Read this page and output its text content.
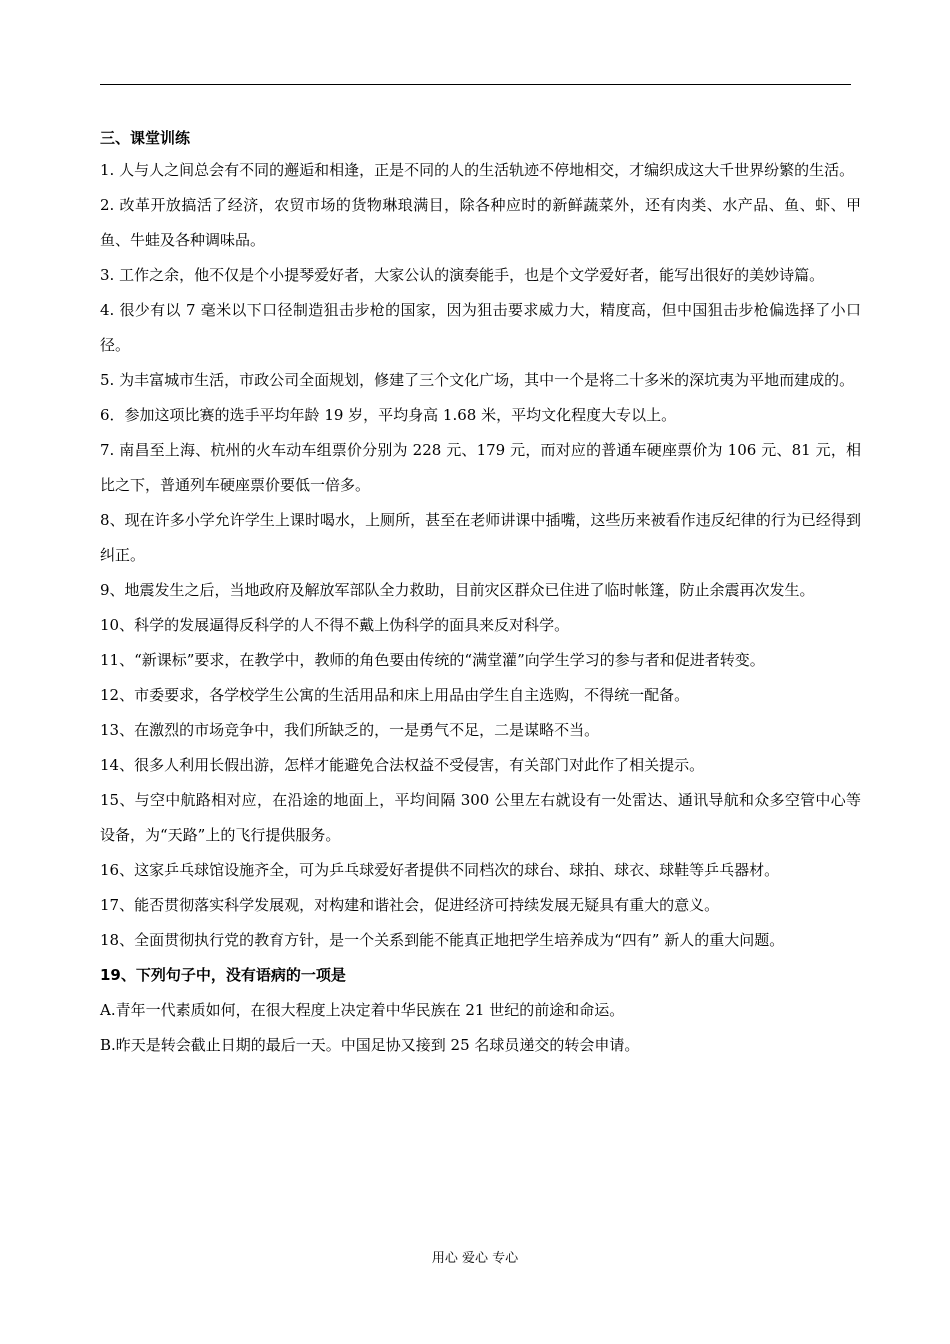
三、课堂训练

1. 人与人之间总会有不同的邂逅和相逢，正是不同的人的生活轨迹不停地相交，才编织成这大千世界纷繁的生活。

2. 改革开放搞活了经济，农贸市场的货物琳琅满目，除各种应时的新鲜蔬菜外，还有肉类、水产品、鱼、虾、甲鱼、牛蛙及各种调味品。

3. 工作之余，他不仅是个小提琴爱好者，大家公认的演奏能手，也是个文学爱好者，能写出很好的美妙诗篇。

4. 很少有以 7 毫米以下口径制造狙击步枪的国家，因为狙击要求威力大，精度高，但中国狙击步枪偏选择了小口径。

5. 为丰富城市生活，市政公司全面规划，修建了三个文化广场，其中一个是将二十多米的深坑夷为平地而建成的。

6．参加这项比赛的选手平均年龄 19 岁，平均身高 1.68 米，平均文化程度大专以上。

7. 南昌至上海、杭州的火车动车组票价分别为 228 元、179 元，而对应的普通车硬座票价为 106 元、81 元，相比之下，普通列车硬座票价要低一倍多。

8、现在许多小学允许学生上课时喝水，上厕所，甚至在老师讲课中插嘴，这些历来被看作违反纪律的行为已经得到纠正。

9、地震发生之后，当地政府及解放军部队全力救助，目前灾区群众已住进了临时帐篷，防止余震再次发生。

10、科学的发展逼得反科学的人不得不戴上伪科学的面具来反对科学。

11、“新课标”要求，在教学中，教师的角色要由传统的“满堂灌”向学生学习的参与者和促进者转变。

12、市委要求，各学校学生公寓的生活用品和床上用品由学生自主选购，不得统一配备。

13、在激烈的市场竞争中，我们所缺乏的，一是勇气不足，二是谋略不当。

14、很多人利用长假出游，怎样才能避免合法权益不受侵害，有关部门对此作了相关提示。

15、与空中航路相对应，在沿途的地面上，平均间隔 300 公里左右就设有一处雷达、通讯导航和众多空管中心等设备，为“天路”上的飞行提供服务。

16、这家乒乓球馆设施齐全，可为乒乓球爱好者提供不同档次的球台、球拍、球衣、球鞋等乒乓器材。

17、能否贯彻落实科学发展观，对构建和谐社会，促进经济可持续发展无疑具有重大的意义。

18、全面贯彻执行党的教育方针，是一个关系到能不能真正地把学生培养成为“四有” 新人的重大问题。

19、下列句子中，没有语病的一项是

A.青年一代素质如何，在很大程度上决定着中华民族在 21 世纪的前途和命运。

B.昨天是转会截止日期的最后一天。中国足协又接到 25 名球员递交的转会申请。

用心 爱心 专心
